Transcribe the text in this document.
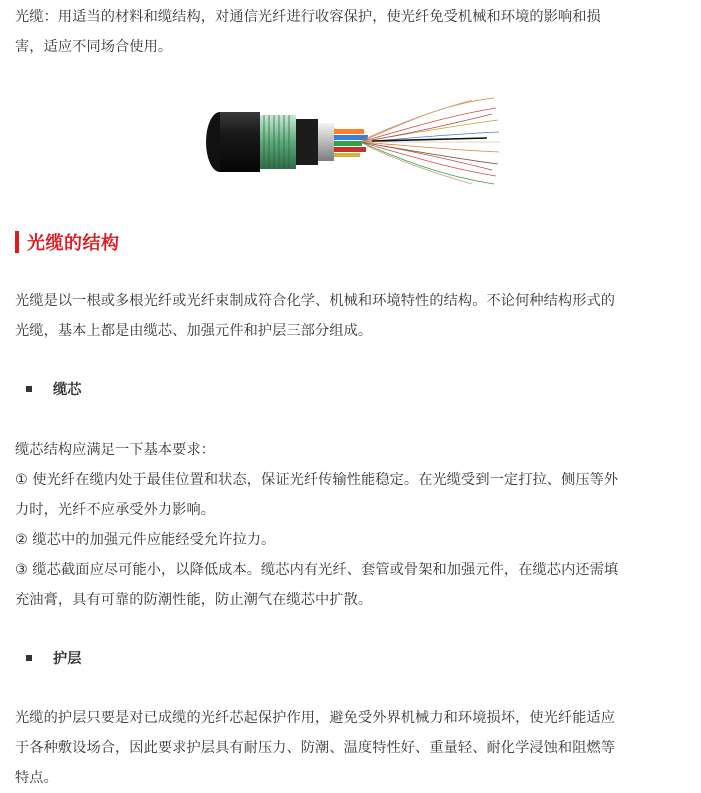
光缆：用适当的材料和缆结构，对通信光纤进行收容保护，使光纤免受机械和环境的影响和损
害，适应不同场合使用。

光缆的结构

光缆是以一根或多根光纤或光纤束制成符合化学、机械和环境特性的结构。不论何种结构形式的
光缆，基本上都是由缆芯、加强元件和护层三部分组成。

缆芯

缆芯结构应满足一下基本要求：
① 使光纤在缆内处于最佳位置和状态，保证光纤传输性能稳定。在光缆受到一定打拉、侧压等外
力时，光纤不应承受外力影响。
② 缆芯中的加强元件应能经受允许拉力。
③ 缆芯截面应尽可能小，以降低成本。缆芯内有光纤、套管或骨架和加强元件，在缆芯内还需填
充油膏，具有可靠的防潮性能，防止潮气在缆芯中扩散。

护层

光缆的护层只要是对已成缆的光纤芯起保护作用，避免受外界机械力和环境损坏，使光纤能适应
于各种敷设场合，因此要求护层具有耐压力、防潮、温度特性好、重量轻、耐化学浸蚀和阻燃等
特点。
